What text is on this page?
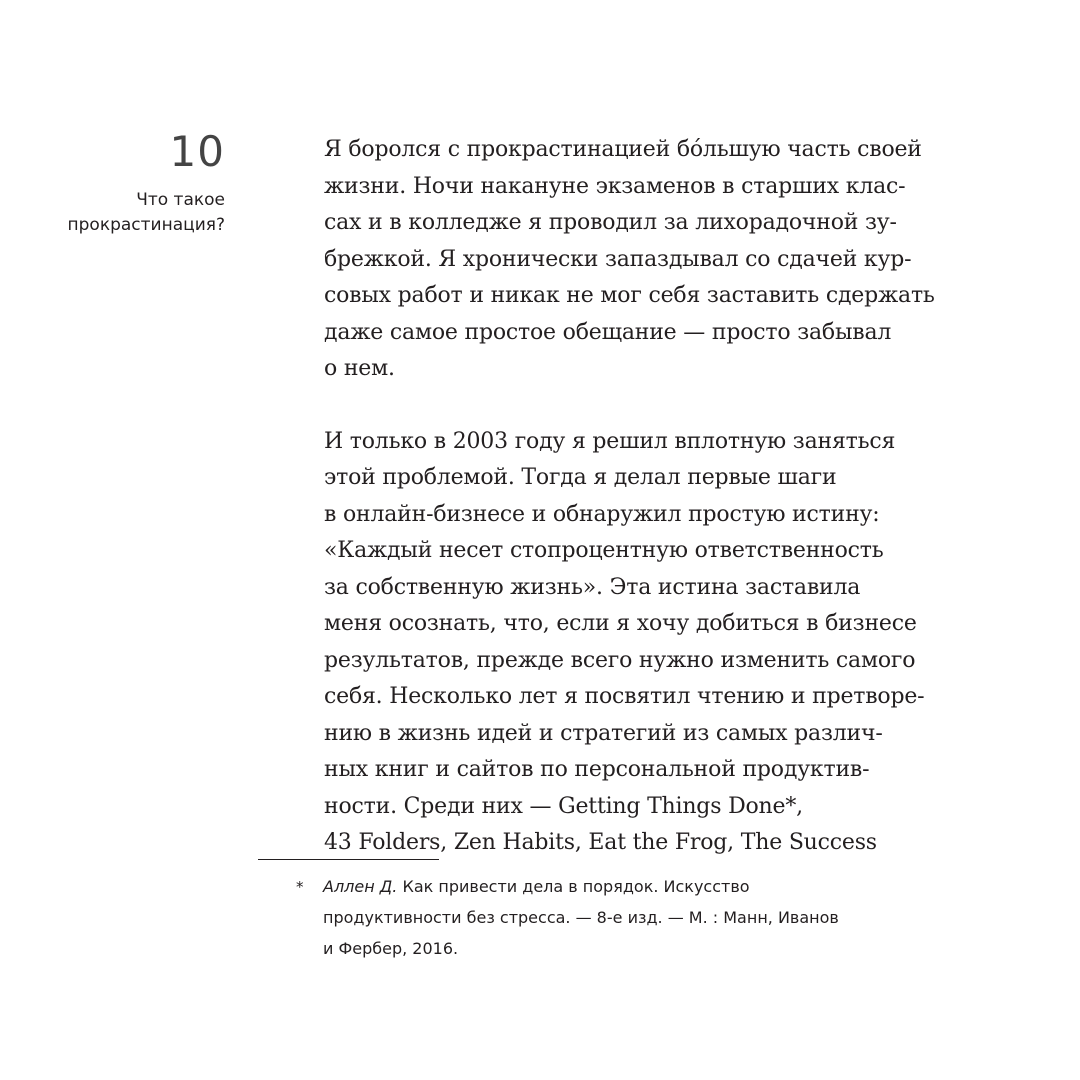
10
Что такое
прокрастинация?

Я боролся с прокрастинацией бóльшую часть своей
жизни. Ночи накануне экзаменов в старших клас-
сах и в колледже я проводил за лихорадочной зу-
брежкой. Я хронически запаздывал со сдачей кур-
совых работ и никак не мог себя заставить сдержать
даже самое простое обещание — просто забывал
о нем.

И только в 2003 году я решил вплотную заняться
этой проблемой. Тогда я делал первые шаги
в онлайн-бизнесе и обнаружил простую истину:
«Каждый несет стопроцентную ответственность
за собственную жизнь». Эта истина заставила
меня осознать, что, если я хочу добиться в бизнесе
результатов, прежде всего нужно изменить самого
себя. Несколько лет я посвятил чтению и претворе-
нию в жизнь идей и стратегий из самых различ-
ных книг и сайтов по персональной продуктив-
ности. Среди них — Getting Things Done*,
43 Folders, Zen Habits, Eat the Frog, The Success

* Аллен Д. Как привести дела в порядок. Искусство
продуктивности без стресса. — 8-е изд. — М. : Манн, Иванов
и Фербер, 2016.
